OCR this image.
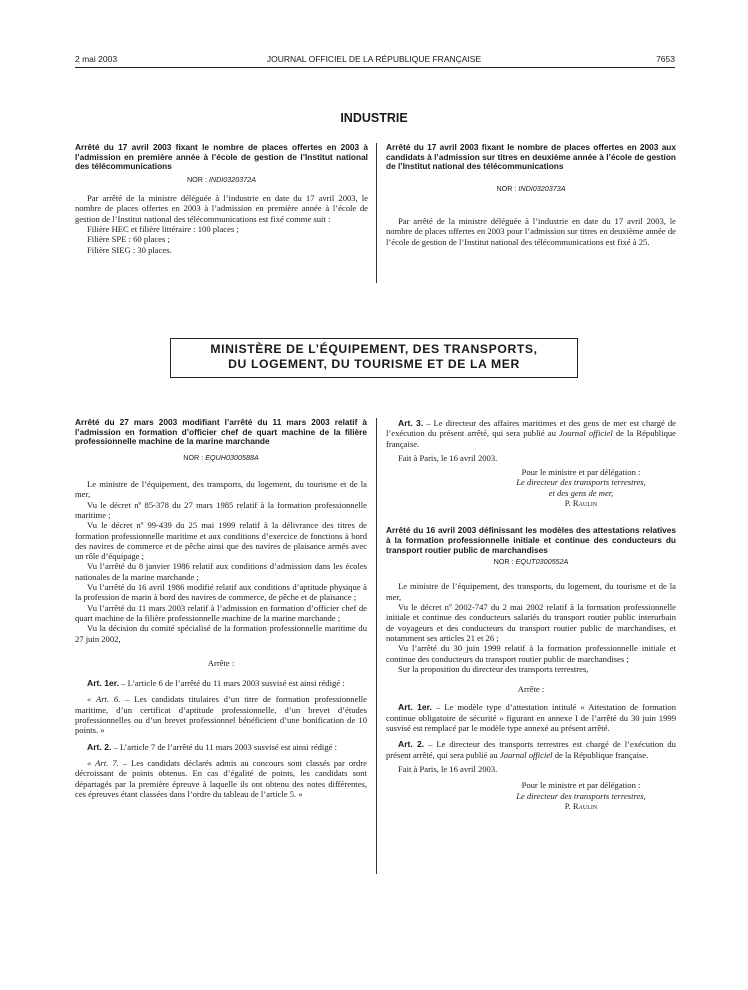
2 mai 2003	JOURNAL OFFICIEL DE LA RÉPUBLIQUE FRANÇAISE	7653
INDUSTRIE

Arrêté du 17 avril 2003 fixant le nombre de places offertes en 2003 à l’admission en première année à l’école de gestion de l’Institut national des télécommunications

NOR : INDI0320372A

Par arrêté de la ministre déléguée à l’industrie en date du 17 avril 2003, le nombre de places offertes en 2003 à l’admission en première année à l’école de gestion de l’Institut national des télécommunications est fixé comme suit :

Filière HEC et filière littéraire : 100 places ;

Filière SPE : 60 places ;

Filière SIEG : 30 places.

Arrêté du 17 avril 2003 fixant le nombre de places offertes en 2003 aux candidats à l’admission sur titres en deuxième année à l’école de gestion de l’Institut national des télécommunications

NOR : INDI0320373A

Par arrêté de la ministre déléguée à l’industrie en date du 17 avril 2003, le nombre de places offertes en 2003 pour l’admission sur titres en deuxième année de l’école de gestion de l’Institut national des télécommunications est fixé à 25.

MINISTÈRE DE L’ÉQUIPEMENT, DES TRANSPORTS,
DU LOGEMENT, DU TOURISME ET DE LA MER

Arrêté du 27 mars 2003 modifiant l’arrêté du 11 mars 2003 relatif à l’admission en formation d’officier chef de quart machine de la filière professionnelle machine de la marine marchande

NOR : EQUH0300588A

Le ministre de l’équipement, des transports, du logement, du tourisme et de la mer,

Vu le décret nº 85-378 du 27 mars 1985 relatif à la formation professionnelle maritime ;

Vu le décret nº 99-439 du 25 mai 1999 relatif à la délivrance des titres de formation professionnelle maritime et aux conditions d’exercice de fonctions à bord des navires de commerce et de pêche ainsi que des navires de plaisance armés avec un rôle d’équipage ;

Vu l’arrêté du 8 janvier 1986 relatif aux conditions d’admission dans les écoles nationales de la marine marchande ;

Vu l’arrêté du 16 avril 1986 modifié relatif aux conditions d’aptitude physique à la profession de marin à bord des navires de commerce, de pêche et de plaisance ;

Vu l’arrêté du 11 mars 2003 relatif à l’admission en formation d’officier chef de quart machine de la filière professionnelle machine de la marine marchande ;

Vu la décision du comité spécialisé de la formation professionnelle maritime du 27 juin 2002,

Arrête :

Art. 1er. – L’article 6 de l’arrêté du 11 mars 2003 susvisé est ainsi rédigé :

« Art. 6. – Les candidats titulaires d’un titre de formation professionnelle maritime, d’un certificat d’aptitude professionnelle, d’un brevet d’études professionnelles ou d’un brevet professionnel bénéficient d’une bonification de 10 points. »

Art. 2. – L’article 7 de l’arrêté du 11 mars 2003 susvisé est ainsi rédigé :

« Art. 7. – Les candidats déclarés admis au concours sont classés par ordre décroissant de points obtenus. En cas d’égalité de points, les candidats sont départagés par la première épreuve à laquelle ils ont obtenu des notes différentes, ces épreuves étant classées dans l’ordre du tableau de l’article 5. »

Art. 3. – Le directeur des affaires maritimes et des gens de mer est chargé de l’exécution du présent arrêté, qui sera publié au Journal officiel de la République française.

Fait à Paris, le 16 avril 2003.

Pour le ministre et par délégation :

Le directeur des transports terrestres,

et des gens de mer,

P. Raulin

Arrêté du 16 avril 2003 définissant les modèles des attestations relatives à la formation professionnelle initiale et continue des conducteurs du transport routier public de marchandises

NOR : EQUT0300552A

Le ministre de l’équipement, des transports, du logement, du tourisme et de la mer,

Vu le décret nº 2002-747 du 2 mai 2002 relatif à la formation professionnelle initiale et continue des conducteurs salariés du transport routier public interurbain de voyageurs et des conducteurs du transport routier public de marchandises, et notamment ses articles 21 et 26 ;

Vu l’arrêté du 30 juin 1999 relatif à la formation professionnelle initiale et continue des conducteurs du transport routier public de marchandises ;

Sur la proposition du directeur des transports terrestres,

Arrête :

Art. 1er. – Le modèle type d’attestation intitulé « Attestation de formation continue obligatoire de sécurité » figurant en annexe I de l’arrêté du 30 juin 1999 susvisé est remplacé par le modèle type annexé au présent arrêté.

Art. 2. – Le directeur des transports terrestres est chargé de l’exécution du présent arrêté, qui sera publié au Journal officiel de la République française.

Fait à Paris, le 16 avril 2003.

Pour le ministre et par délégation :

Le directeur des transports terrestres,

P. Raulin
